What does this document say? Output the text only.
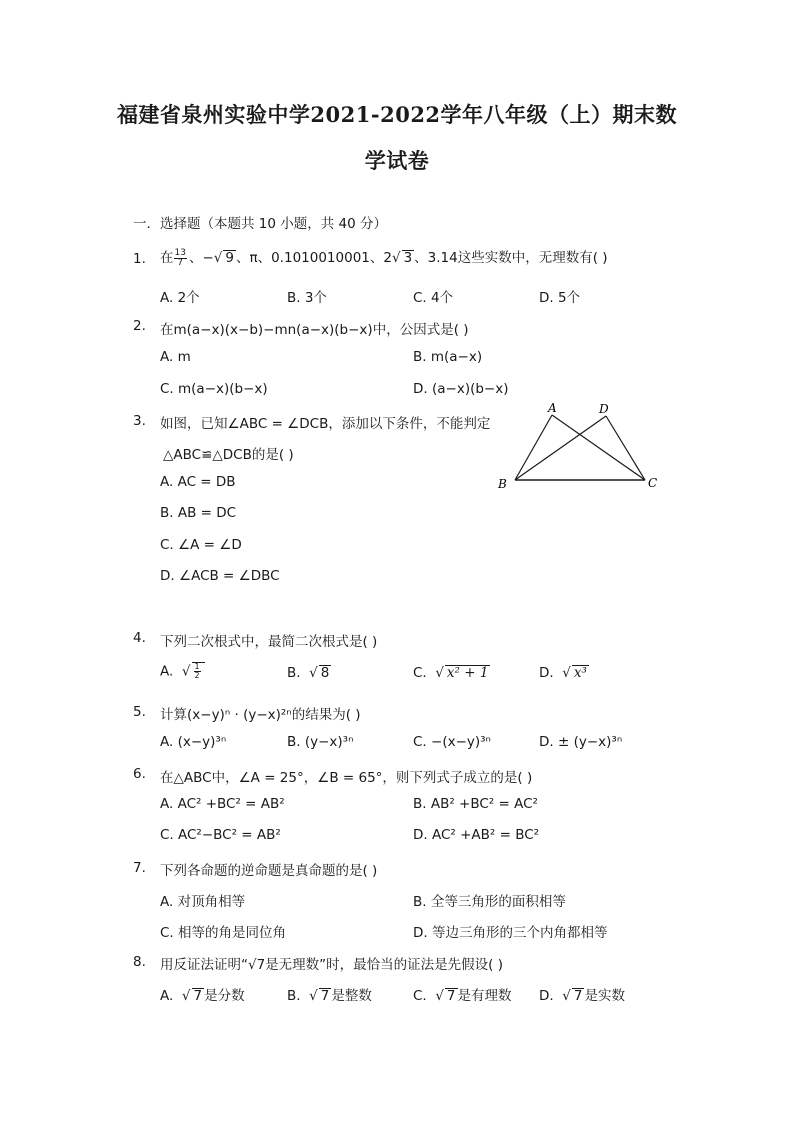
福建省泉州实验中学2021-2022学年八年级（上）期末数
学试卷
一．选择题（本题共 10 小题，共 40 分）
1. 在 $\frac{13}{7}$ 、−√ 9 、π、0.1010010001、2√ 3 、3.14这些实数中，无理数有( )
A. 2个	B. 3个	C. 4个	D. 5个
2. 在m(a−x)(x−b)−mn(a−x)(b−x)中，公因式是( )
A. m	B. m(a−x)
C. m(a−x)(b−x)	D. (a−x)(b−x)
3. 如图，已知∠ABC = ∠DCB，添加以下条件，不能判定
△ABC≌△DCB的是( )
A. AC = DB
B. AB = DC
C. ∠A = ∠D
D. ∠ACB = ∠DBC
A	D
B	C
4. 下列二次根式中，最简二次根式是( )
A. √ $\frac{1}{2}$	B. √ 8	C. √ x² + 1	D. √ x³
5. 计算(x−y)ⁿ · (y−x)²ⁿ的结果为( )
A. (x−y)³ⁿ	B. (y−x)³ⁿ	C. −(x−y)³ⁿ	D. ± (y−x)³ⁿ
6. 在△ABC中，∠A = 25°，∠B = 65°，则下列式子成立的是( )
A. AC² +BC² = AB²	B. AB² +BC² = AC²
C. AC²−BC² = AB²	D. AC² +AB² = BC²
7. 下列各命题的逆命题是真命题的是( )
A. 对顶角相等	B. 全等三角形的面积相等
C. 相等的角是同位角	D. 等边三角形的三个内角都相等
8. 用反证法证明“√7是无理数”时，最恰当的证法是先假设( )
A. √ 7 是分数	B. √ 7 是整数	C. √ 7 是有理数 D. √ 7 是实数
